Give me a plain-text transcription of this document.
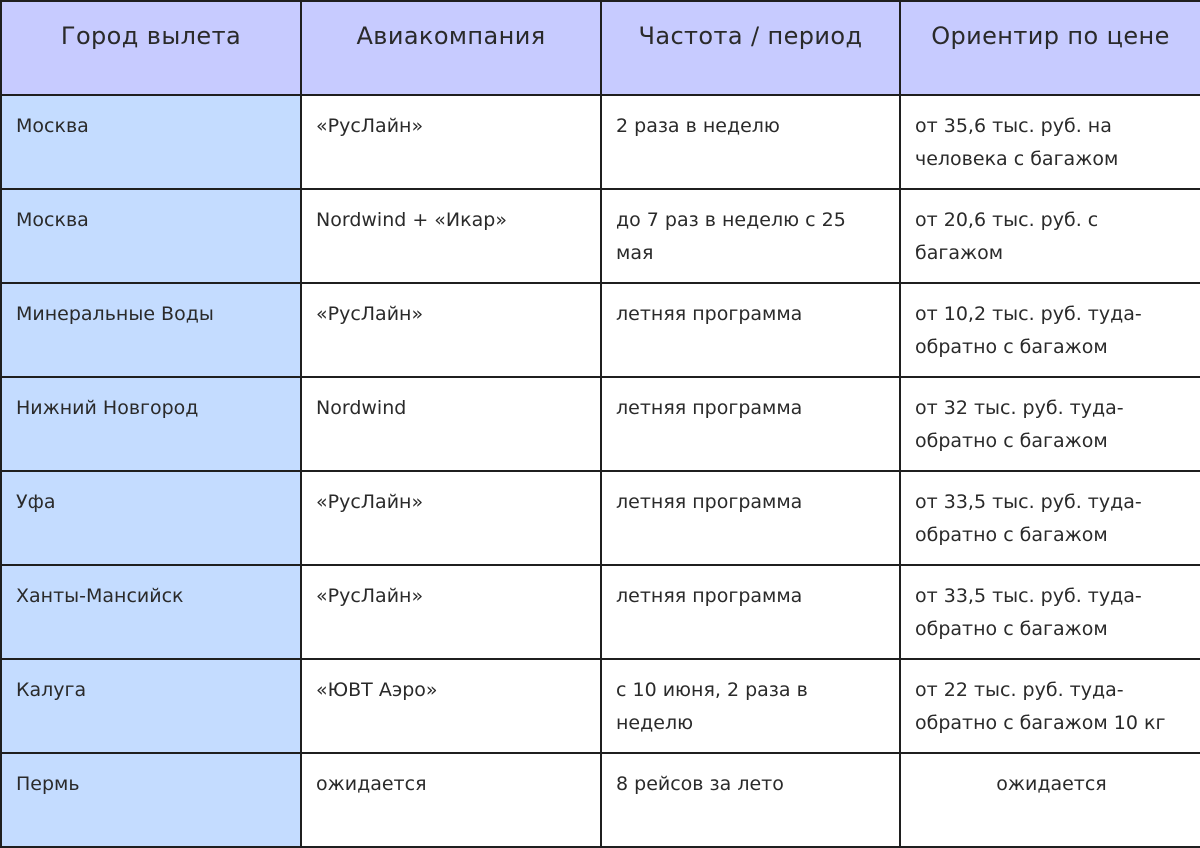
Город вылета	Авиакомпания	Частота / период	Ориентир по цене
Москва	«РусЛайн»	2 раза в неделю	от 35,6 тыс. руб. на человека с багажом
Москва	Nordwind + «Икар»	до 7 раз в неделю с 25 мая	от 20,6 тыс. руб. с багажом
Минеральные Воды	«РусЛайн»	летняя программа	от 10,2 тыс. руб. туда-обратно с багажом
Нижний Новгород	Nordwind	летняя программа	от 32 тыс. руб. туда-обратно с багажом
Уфа	«РусЛайн»	летняя программа	от 33,5 тыс. руб. туда-обратно с багажом
Ханты-Мансийск	«РусЛайн»	летняя программа	от 33,5 тыс. руб. туда-обратно с багажом
Калуга	«ЮВТ Аэро»	с 10 июня, 2 раза в неделю	от 22 тыс. руб. туда-обратно с багажом 10 кг
Пермь	ожидается	8 рейсов за лето	ожидается
